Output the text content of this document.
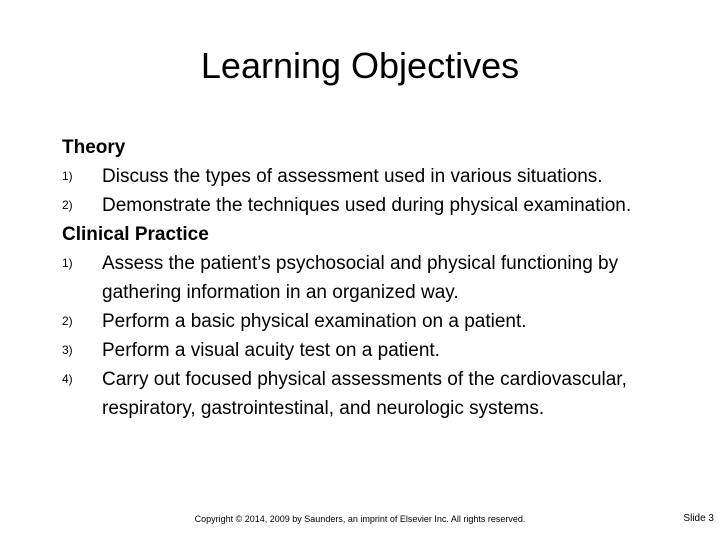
Learning Objectives
Theory
1)	Discuss the types of assessment used in various situations.
2)	Demonstrate the techniques used during physical examination.
Clinical Practice
1)	Assess the patient’s psychosocial and physical functioning by gathering information in an organized way.
2)	Perform a basic physical examination on a patient.
3)	Perform a visual acuity test on a patient.
4)	Carry out focused physical assessments of the cardiovascular, respiratory, gastrointestinal, and neurologic systems.
Copyright © 2014, 2009 by Saunders, an imprint of Elsevier Inc. All rights reserved.	Slide 3
